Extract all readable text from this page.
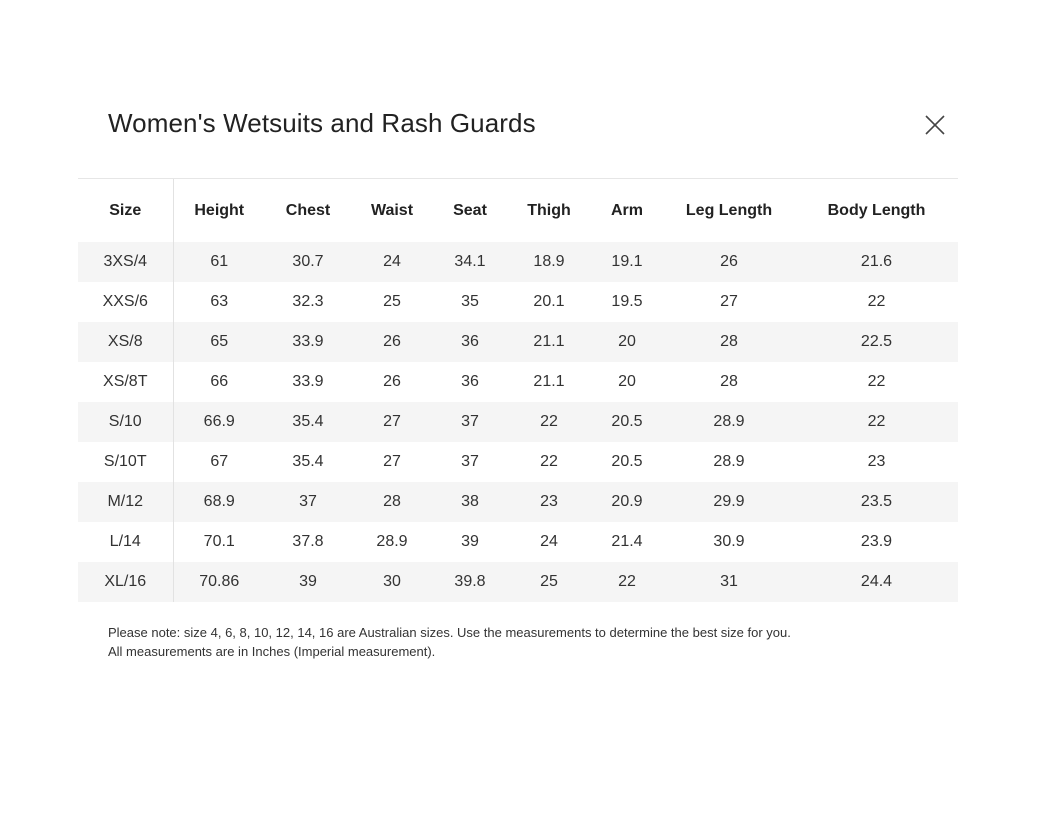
Women's Wetsuits and Rash Guards
Size	Height	Chest	Waist	Seat	Thigh	Arm	Leg Length	Body Length
3XS/4	61	30.7	24	34.1	18.9	19.1	26	21.6
XXS/6	63	32.3	25	35	20.1	19.5	27	22
XS/8	65	33.9	26	36	21.1	20	28	22.5
XS/8T	66	33.9	26	36	21.1	20	28	22
S/10	66.9	35.4	27	37	22	20.5	28.9	22
S/10T	67	35.4	27	37	22	20.5	28.9	23
M/12	68.9	37	28	38	23	20.9	29.9	23.5
L/14	70.1	37.8	28.9	39	24	21.4	30.9	23.9
XL/16	70.86	39	30	39.8	25	22	31	24.4

Please note: size 4, 6, 8, 10, 12, 14, 16 are Australian sizes. Use the measurements to determine the best size for you.

All measurements are in Inches (Imperial measurement).
